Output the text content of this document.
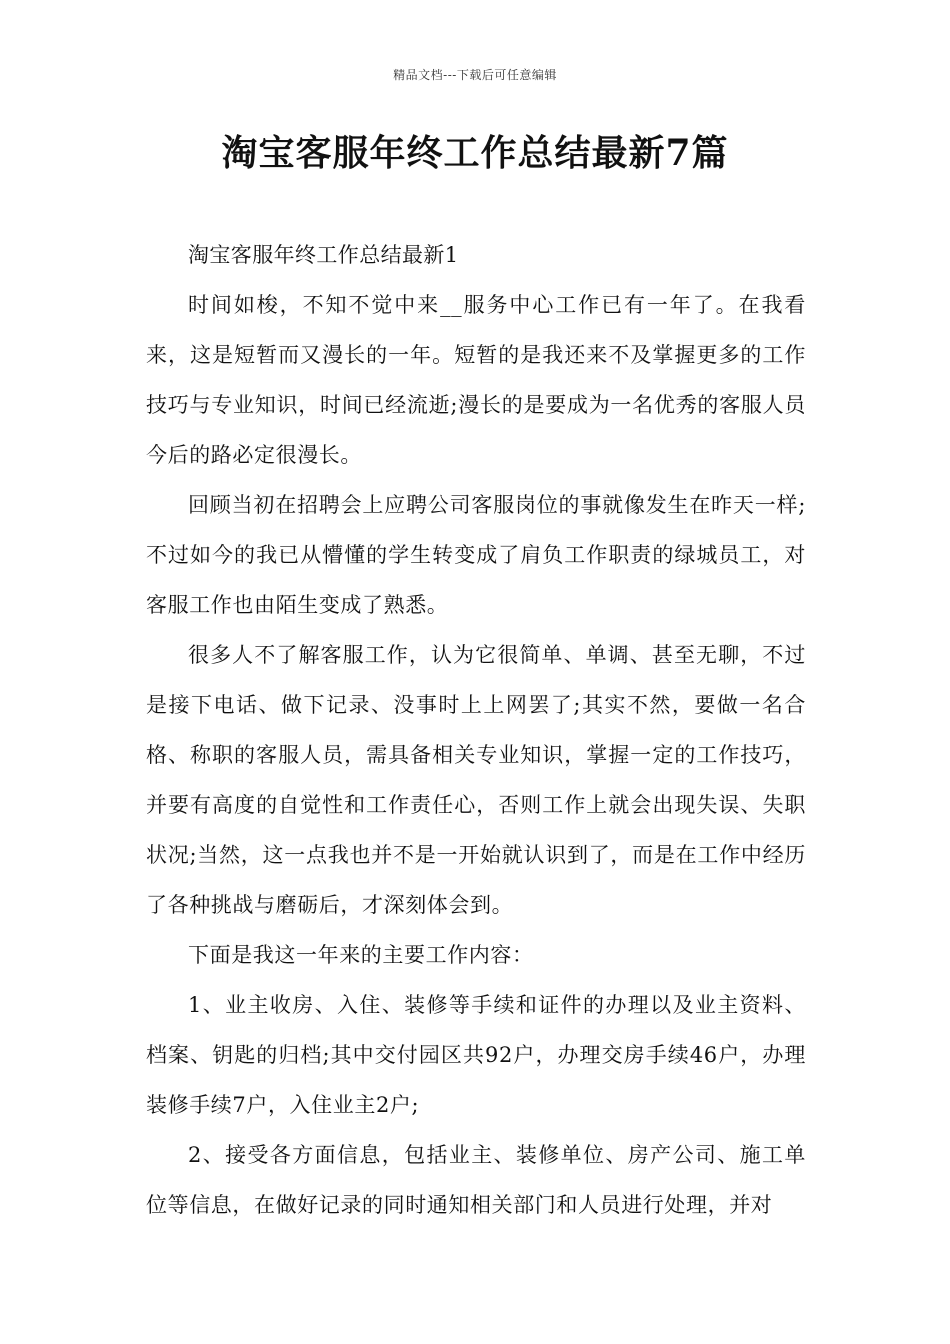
精品文档---下载后可任意编辑
淘宝客服年终工作总结最新7篇

淘宝客服年终工作总结最新1

时间如梭，不知不觉中来__服务中心工作已有一年了。在我看来，这是短暂而又漫长的一年。短暂的是我还来不及掌握更多的工作技巧与专业知识，时间已经流逝;漫长的是要成为一名优秀的客服人员今后的路必定很漫长。

回顾当初在招聘会上应聘公司客服岗位的事就像发生在昨天一样;不过如今的我已从懵懂的学生转变成了肩负工作职责的绿城员工，对客服工作也由陌生变成了熟悉。

很多人不了解客服工作，认为它很简单、单调、甚至无聊，不过是接下电话、做下记录、没事时上上网罢了;其实不然，要做一名合格、称职的客服人员，需具备相关专业知识，掌握一定的工作技巧，并要有高度的自觉性和工作责任心，否则工作上就会出现失误、失职状况;当然，这一点我也并不是一开始就认识到了，而是在工作中经历了各种挑战与磨砺后，才深刻体会到。

下面是我这一年来的主要工作内容：

1、业主收房、入住、装修等手续和证件的办理以及业主资料、档案、钥匙的归档;其中交付园区共92户，办理交房手续46户，办理装修手续7户，入住业主2户;

2、接受各方面信息，包括业主、装修单位、房产公司、施工单位等信息，在做好记录的同时通知相关部门和人员进行处理，并对
